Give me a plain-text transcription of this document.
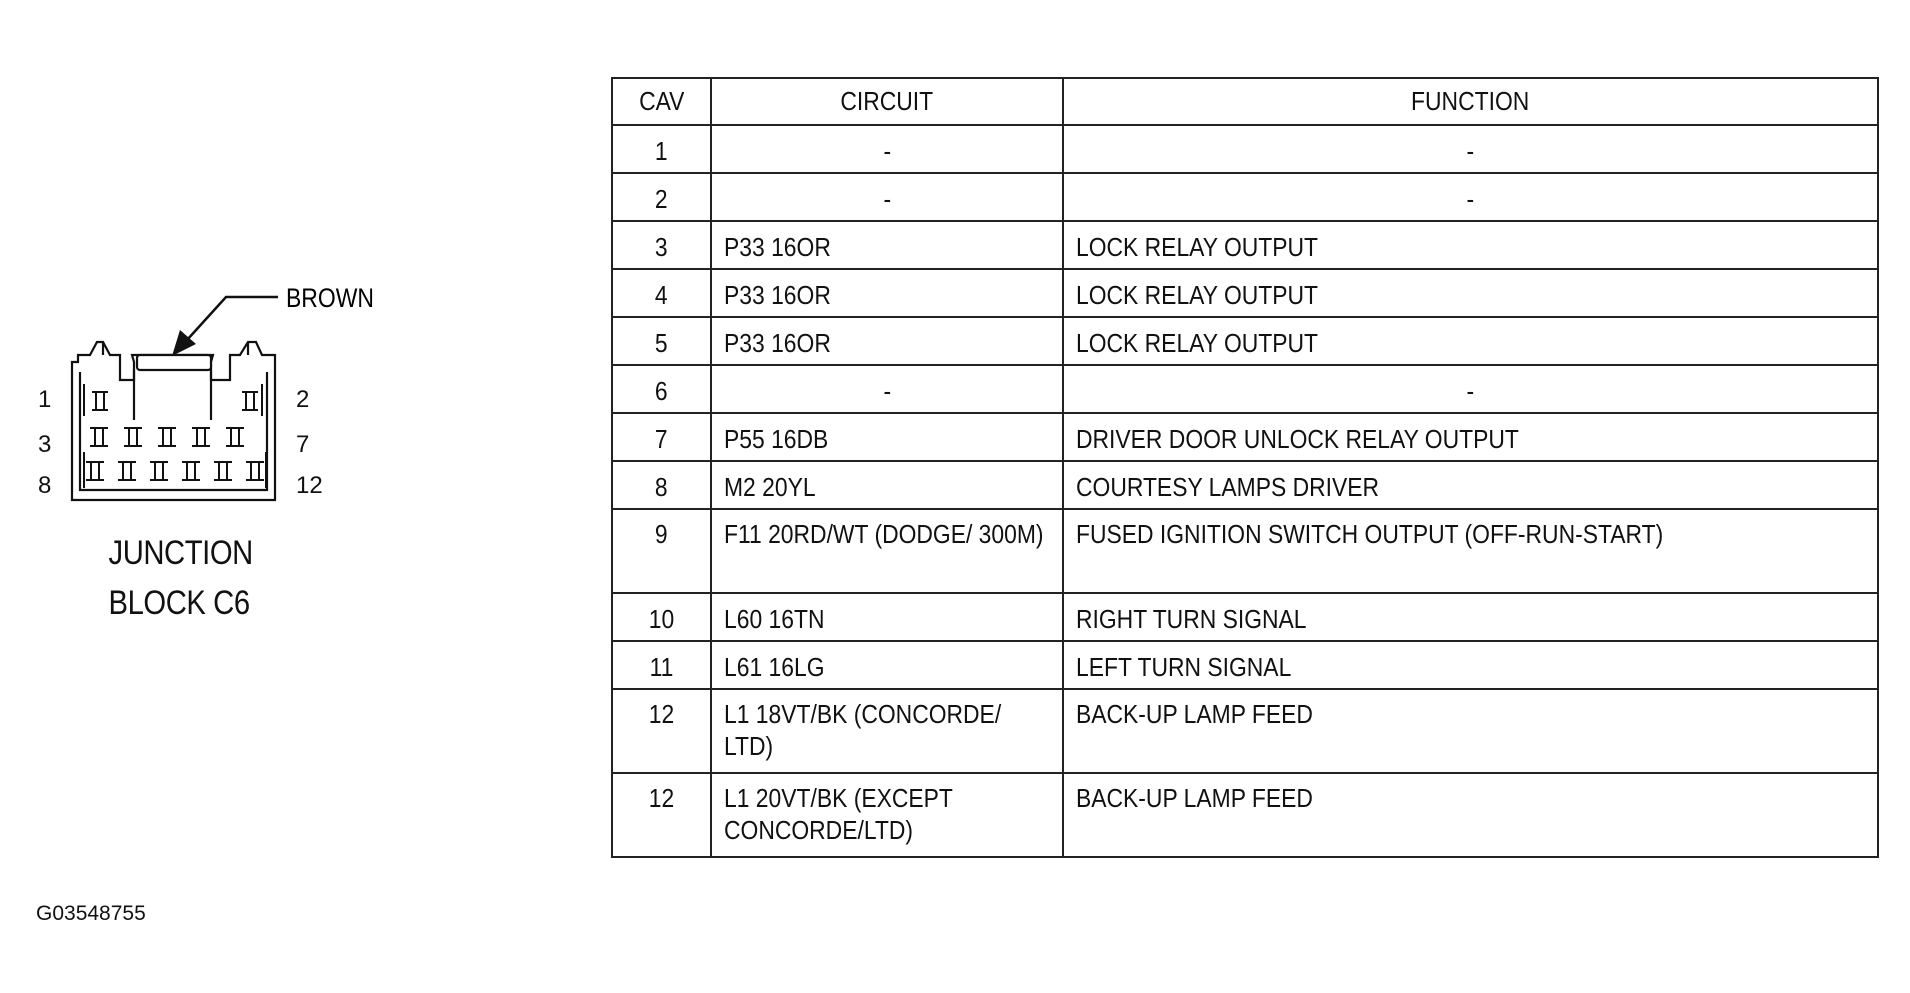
BROWN
1	2
3	7
8	12
JUNCTION
BLOCK C6
CAV	CIRCUIT	FUNCTION
1	-	-
2	-	-
3	P33 16OR	LOCK RELAY OUTPUT
4	P33 16OR	LOCK RELAY OUTPUT
5	P33 16OR	LOCK RELAY OUTPUT
6	-	-
7	P55 16DB	DRIVER DOOR UNLOCK RELAY OUTPUT
8	M2 20YL	COURTESY LAMPS DRIVER
9	F11 20RD/WT (DODGE/ 300M)	FUSED IGNITION SWITCH OUTPUT (OFF-RUN-START)
10	L60 16TN	RIGHT TURN SIGNAL
11	L61 16LG	LEFT TURN SIGNAL
12	L1 18VT/BK (CONCORDE/ LTD)	BACK-UP LAMP FEED
12	L1 20VT/BK (EXCEPT CONCORDE/LTD)	BACK-UP LAMP FEED
G03548755
